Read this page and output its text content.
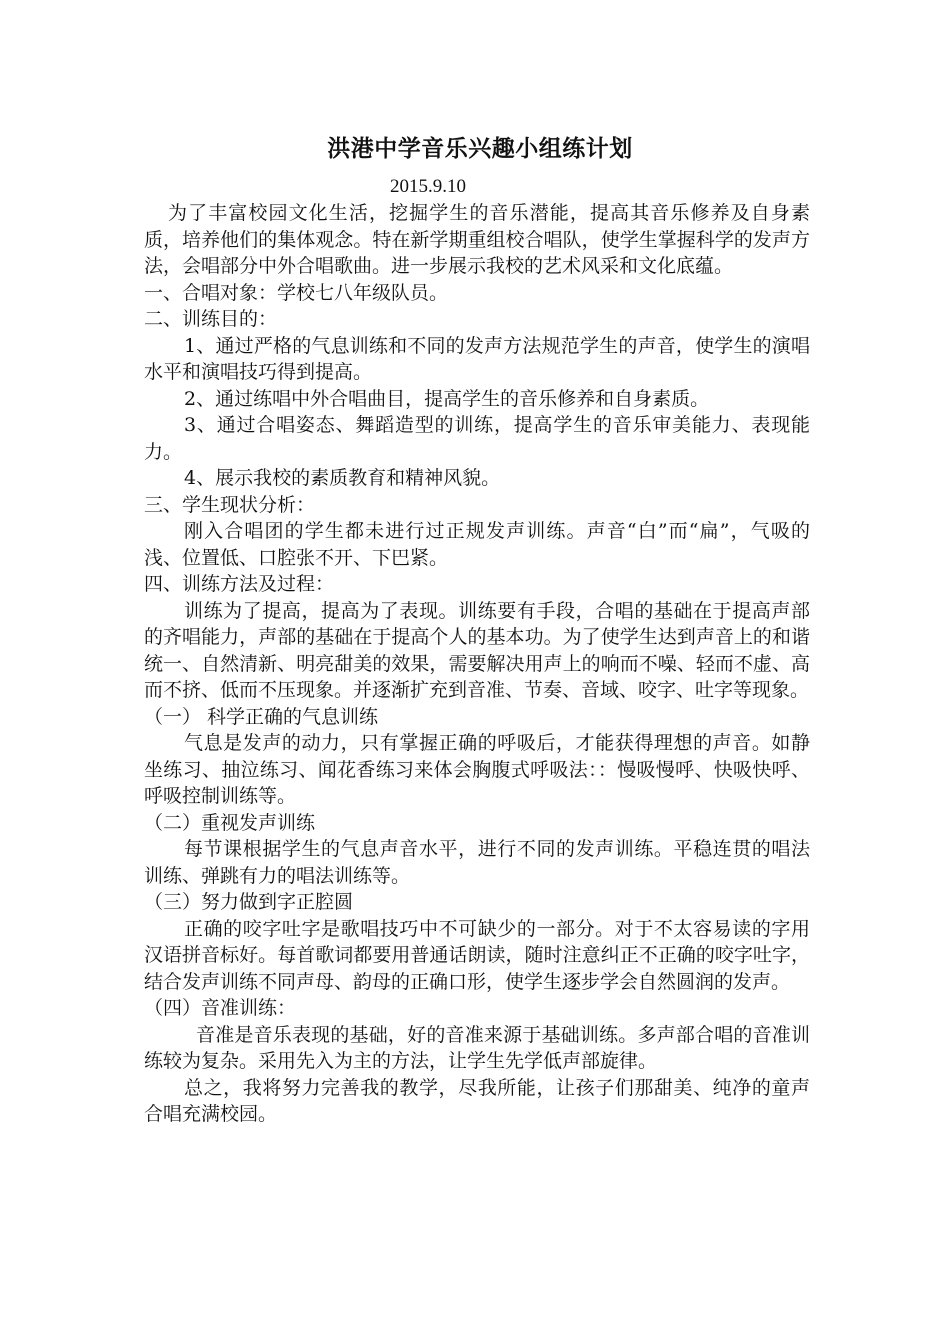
洪港中学音乐兴趣小组练计划
2015.9.10

为了丰富校园文化生活，挖掘学生的音乐潜能，提高其音乐修养及自身素质，培养他们的集体观念。特在新学期重组校合唱队，使学生掌握科学的发声方法，会唱部分中外合唱歌曲。进一步展示我校的艺术风采和文化底蕴。

一、合唱对象：学校七八年级队员。

二、训练目的：

1、通过严格的气息训练和不同的发声方法规范学生的声音，使学生的演唱水平和演唱技巧得到提高。

2、通过练唱中外合唱曲目，提高学生的音乐修养和自身素质。

3、通过合唱姿态、舞蹈造型的训练，提高学生的音乐审美能力、表现能力。

4、展示我校的素质教育和精神风貌。

三、学生现状分析：

刚入合唱团的学生都未进行过正规发声训练。声音“白”而“扁”，气吸的浅、位置低、口腔张不开、下巴紧。

四、训练方法及过程：

训练为了提高，提高为了表现。训练要有手段，合唱的基础在于提高声部的齐唱能力，声部的基础在于提高个人的基本功。为了使学生达到声音上的和谐统一、自然清新、明亮甜美的效果，需要解决用声上的响而不噪、轻而不虚、高而不挤、低而不压现象。并逐渐扩充到音准、节奏、音域、咬字、吐字等现象。

（一） 科学正确的气息训练

气息是发声的动力，只有掌握正确的呼吸后，才能获得理想的声音。如静坐练习、抽泣练习、闻花香练习来体会胸腹式呼吸法：：慢吸慢呼、快吸快呼、呼吸控制训练等。

（二）重视发声训练

每节课根据学生的气息声音水平，进行不同的发声训练。平稳连贯的唱法训练、弹跳有力的唱法训练等。

（三）努力做到字正腔圆

正确的咬字吐字是歌唱技巧中不可缺少的一部分。对于不太容易读的字用汉语拼音标好。每首歌词都要用普通话朗读，随时注意纠正不正确的咬字吐字，结合发声训练不同声母、韵母的正确口形，使学生逐步学会自然圆润的发声。

（四）音准训练：

音准是音乐表现的基础，好的音准来源于基础训练。多声部合唱的音准训练较为复杂。采用先入为主的方法，让学生先学低声部旋律。

总之，我将努力完善我的教学，尽我所能，让孩子们那甜美、纯净的童声合唱充满校园。
